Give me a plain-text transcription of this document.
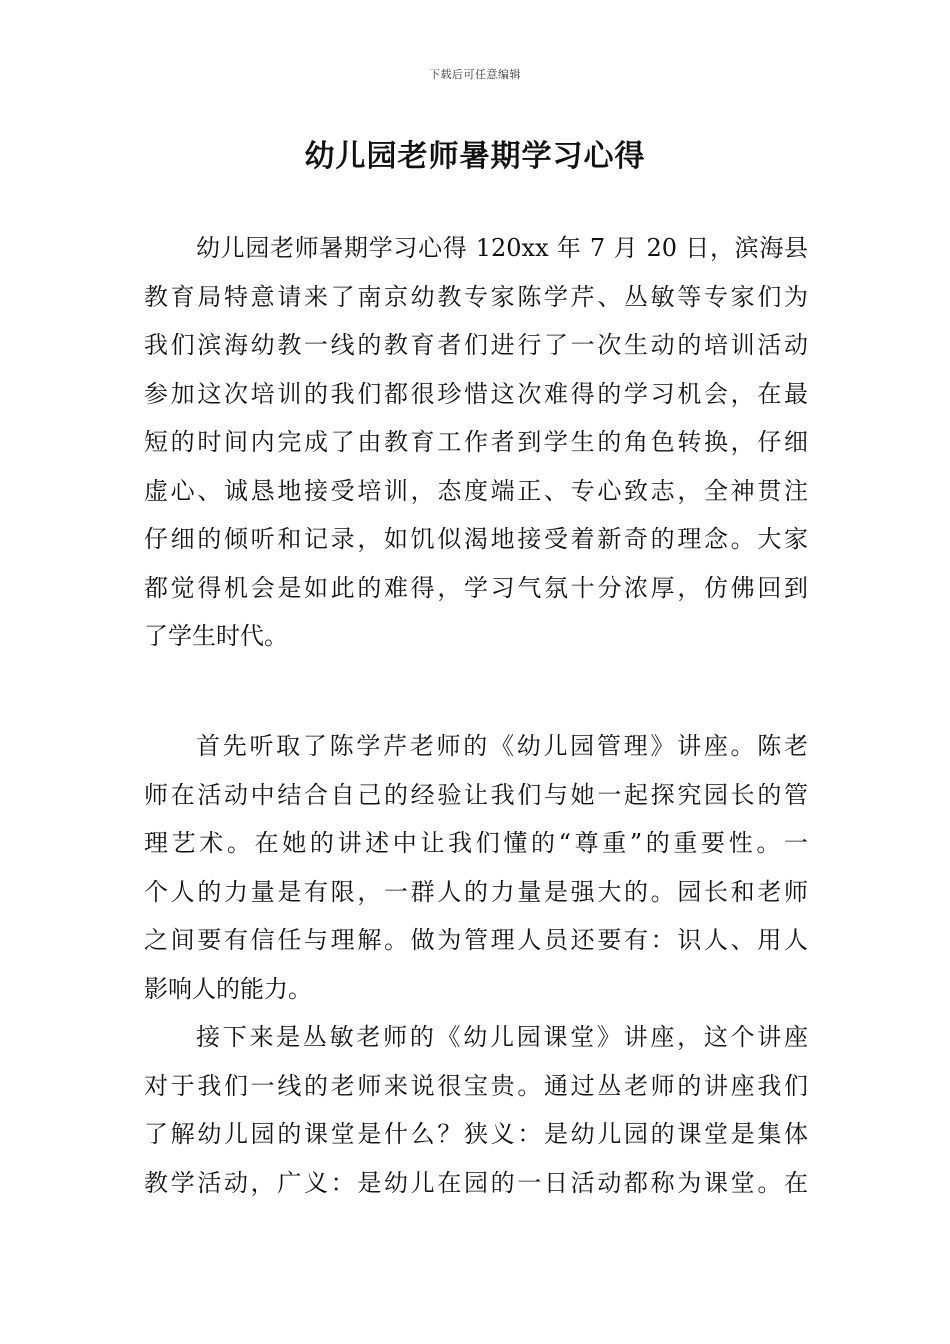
下载后可任意编辑
幼儿园老师暑期学习心得
幼儿园老师暑期学习心得 120xx 年 7 月 20 日，滨海县
教育局特意请来了南京幼教专家陈学芹、丛敏等专家们为
我们滨海幼教一线的教育者们进行了一次生动的培训活动
参加这次培训的我们都很珍惜这次难得的学习机会，在最
短的时间内完成了由教育工作者到学生的角色转换，仔细
虚心、诚恳地接受培训，态度端正、专心致志，全神贯注
仔细的倾听和记录，如饥似渴地接受着新奇的理念。大家
都觉得机会是如此的难得，学习气氛十分浓厚，仿佛回到
了学生时代。
首先听取了陈学芹老师的《幼儿园管理》讲座。陈老
师在活动中结合自己的经验让我们与她一起探究园长的管
理艺术。在她的讲述中让我们懂的“尊重”的重要性。一
个人的力量是有限，一群人的力量是强大的。园长和老师
之间要有信任与理解。做为管理人员还要有：识人、用人
影响人的能力。
接下来是丛敏老师的《幼儿园课堂》讲座，这个讲座
对于我们一线的老师来说很宝贵。通过丛老师的讲座我们
了解幼儿园的课堂是什么？狭义：是幼儿园的课堂是集体
教学活动，广义：是幼儿在园的一日活动都称为课堂。在
